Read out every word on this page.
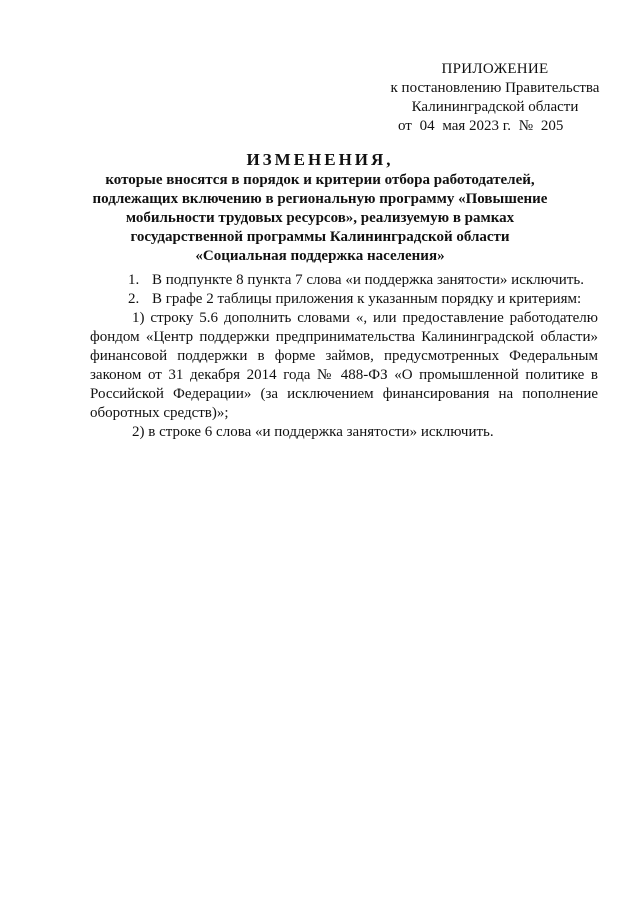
ПРИЛОЖЕНИЕ
к постановлению Правительства
Калининградской области
от 04 мая 2023 г. № 205
ИЗМЕНЕНИЯ,
которые вносятся в порядок и критерии отбора работодателей,
подлежащих включению в региональную программу «Повышение
мобильности трудовых ресурсов», реализуемую в рамках
государственной программы Калининградской области
«Социальная поддержка населения»

1. В подпункте 8 пункта 7 слова «и поддержка занятости» исключить.

2. В графе 2 таблицы приложения к указанным порядку и критериям:

1) строку 5.6 дополнить словами «, или предоставление работодателю фондом «Центр поддержки предпринимательства Калининградской области» финансовой поддержки в форме займов, предусмотренных Федеральным законом от 31 декабря 2014 года № 488-ФЗ «О промышленной политике в Российской Федерации» (за исключением финансирования на пополнение оборотных средств)»;

2) в строке 6 слова «и поддержка занятости» исключить.
